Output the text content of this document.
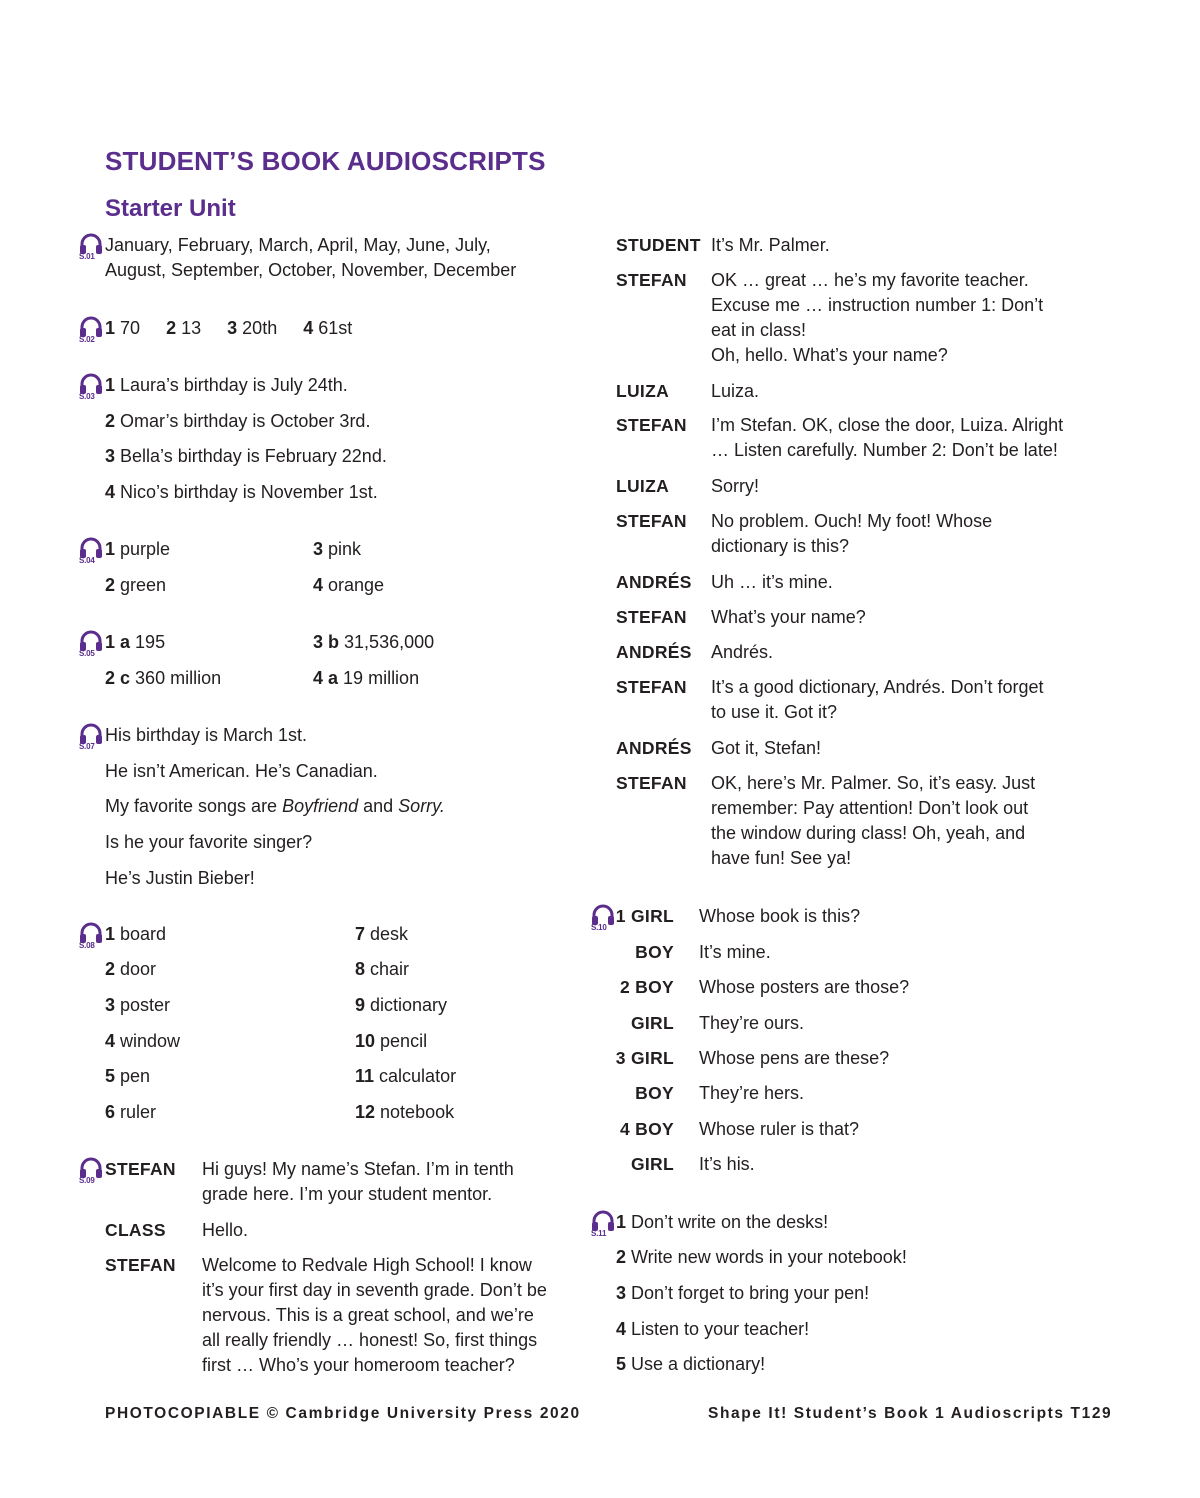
STUDENT’S BOOK AUDIOSCRIPTS
Starter Unit
S.01
S.02
S.03
S.04
S.05
S.07
S.08
S.09
S.10
S.11
January, February, March, April, May, June, July,
August, September, October, November, December
1 70 2 13 3 20th 4 61st
1 Laura’s birthday is July 24th.
2 Omar’s birthday is October 3rd.
3 Bella’s birthday is February 22nd.
4 Nico’s birthday is November 1st.
1 purple	3 pink
2 green	4 orange
1 a 195	3 b 31,536,000
2 c 360 million	4 a 19 million
His birthday is March 1st.
He isn’t American. He’s Canadian.
My favorite songs are Boyfriend and Sorry.
Is he your favorite singer?
He’s Justin Bieber!
1 board	7 desk
2 door	8 chair
3 poster	9 dictionary
4 window	10 pencil
5 pen	11 calculator
6 ruler	12 notebook
STEFAN Hi guys! My name’s Stefan. I’m in tenth
grade here. I’m your student mentor.
CLASS Hello.
STEFAN Welcome to Redvale High School! I know
it’s your first day in seventh grade. Don’t be
nervous. This is a great school, and we’re
all really friendly … honest! So, first things
first … Who’s your homeroom teacher?
STUDENT It’s Mr. Palmer.
STEFAN OK … great … he’s my favorite teacher.
Excuse me … instruction number 1: Don’t
eat in class!
Oh, hello. What’s your name?
LUIZA Luiza.
STEFAN I’m Stefan. OK, close the door, Luiza. Alright
… Listen carefully. Number 2: Don’t be late!
LUIZA Sorry!
STEFAN No problem. Ouch! My foot! Whose
dictionary is this?
ANDRÉS Uh … it’s mine.
STEFAN What’s your name?
ANDRÉS Andrés.
STEFAN It’s a good dictionary, Andrés. Don’t forget
to use it. Got it?
ANDRÉS Got it, Stefan!
STEFAN OK, here’s Mr. Palmer. So, it’s easy. Just
remember: Pay attention! Don’t look out
the window during class! Oh, yeah, and
have fun! See ya!
1 GIRL Whose book is this?
BOY It’s mine.
2 BOY Whose posters are those?
GIRL They’re ours.
3 GIRL Whose pens are these?
BOY They’re hers.
4 BOY Whose ruler is that?
GIRL It’s his.
1 Don’t write on the desks!
2 Write new words in your notebook!
3 Don’t forget to bring your pen!
4 Listen to your teacher!
5 Use a dictionary!
PHOTOCOPIABLE © Cambridge University Press 2020	Shape It! Student’s Book 1 Audioscripts T129
